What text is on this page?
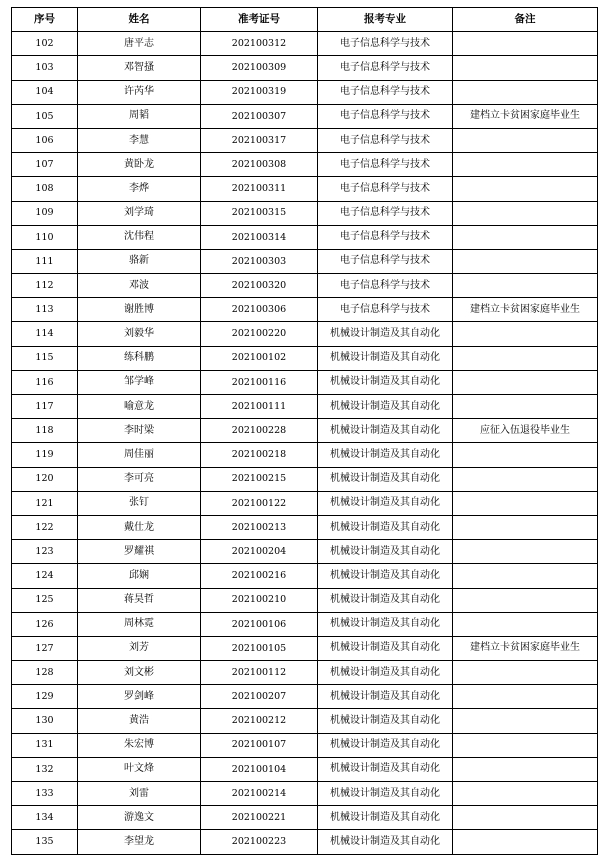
序号	姓名	准考证号	报考专业	备注
102	唐平志	202100312	电子信息科学与技术	
103	邓智搔	202100309	电子信息科学与技术	
104	许芮华	202100319	电子信息科学与技术	
105	周韬	202100307	电子信息科学与技术	建档立卡贫困家庭毕业生
106	李慧	202100317	电子信息科学与技术	
107	黄卧龙	202100308	电子信息科学与技术	
108	李烨	202100311	电子信息科学与技术	
109	刘学琦	202100315	电子信息科学与技术	
110	沈伟程	202100314	电子信息科学与技术	
111	骆新	202100303	电子信息科学与技术	
112	邓波	202100320	电子信息科学与技术	
113	谢胜博	202100306	电子信息科学与技术	建档立卡贫困家庭毕业生
114	刘毅华	202100220	机械设计制造及其自动化	
115	练科鹏	202100102	机械设计制造及其自动化	
116	邹学峰	202100116	机械设计制造及其自动化	
117	喻意龙	202100111	机械设计制造及其自动化	
118	李时梁	202100228	机械设计制造及其自动化	应征入伍退役毕业生
119	周佳丽	202100218	机械设计制造及其自动化	
120	李可亮	202100215	机械设计制造及其自动化	
121	张钉	202100122	机械设计制造及其自动化	
122	戴仕龙	202100213	机械设计制造及其自动化	
123	罗耀祺	202100204	机械设计制造及其自动化	
124	邱娴	202100216	机械设计制造及其自动化	
125	蒋昊哲	202100210	机械设计制造及其自动化	
126	周林霓	202100106	机械设计制造及其自动化	
127	刘芳	202100105	机械设计制造及其自动化	建档立卡贫困家庭毕业生
128	刘文彬	202100112	机械设计制造及其自动化	
129	罗剑峰	202100207	机械设计制造及其自动化	
130	黄浩	202100212	机械设计制造及其自动化	
131	朱宏博	202100107	机械设计制造及其自动化	
132	叶文烽	202100104	机械设计制造及其自动化	
133	刘雷	202100214	机械设计制造及其自动化	
134	游逸文	202100221	机械设计制造及其自动化	
135	李望龙	202100223	机械设计制造及其自动化	
